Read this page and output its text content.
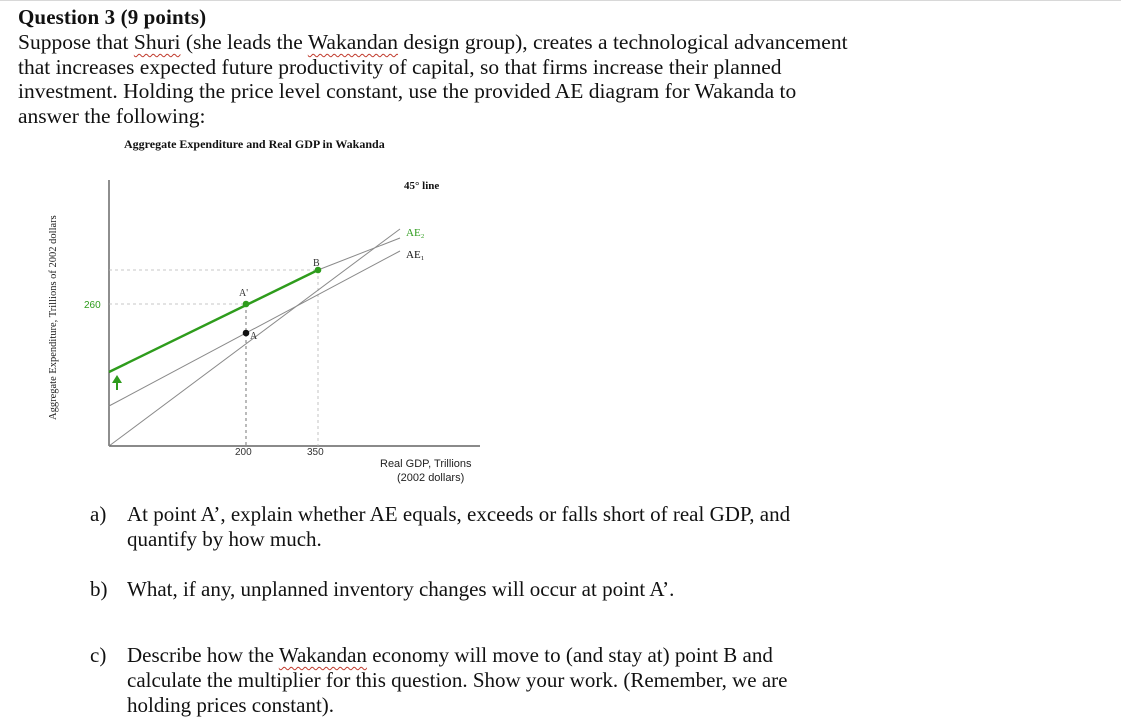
Question 3 (9 points)
Suppose that Shuri (she leads the Wakandan design group), creates a technological advancement
that increases expected future productivity of capital, so that firms increase their planned
investment. Holding the price level constant, use the provided AE diagram for Wakanda to
answer the following:
Aggregate Expenditure and Real GDP in Wakanda
A'
A
B
45° line
AE₂
AE₁
260
200	350
Real GDP, Trillions
(2002 dollars)
Aggregate Expenditure, Trillions of 2002 dollars
a) At point A’, explain whether AE equals, exceeds or falls short of real GDP, and
quantify by how much.
b) What, if any, unplanned inventory changes will occur at point A’.
c) Describe how the Wakandan economy will move to (and stay at) point B and
calculate the multiplier for this question. Show your work. (Remember, we are
holding prices constant).
